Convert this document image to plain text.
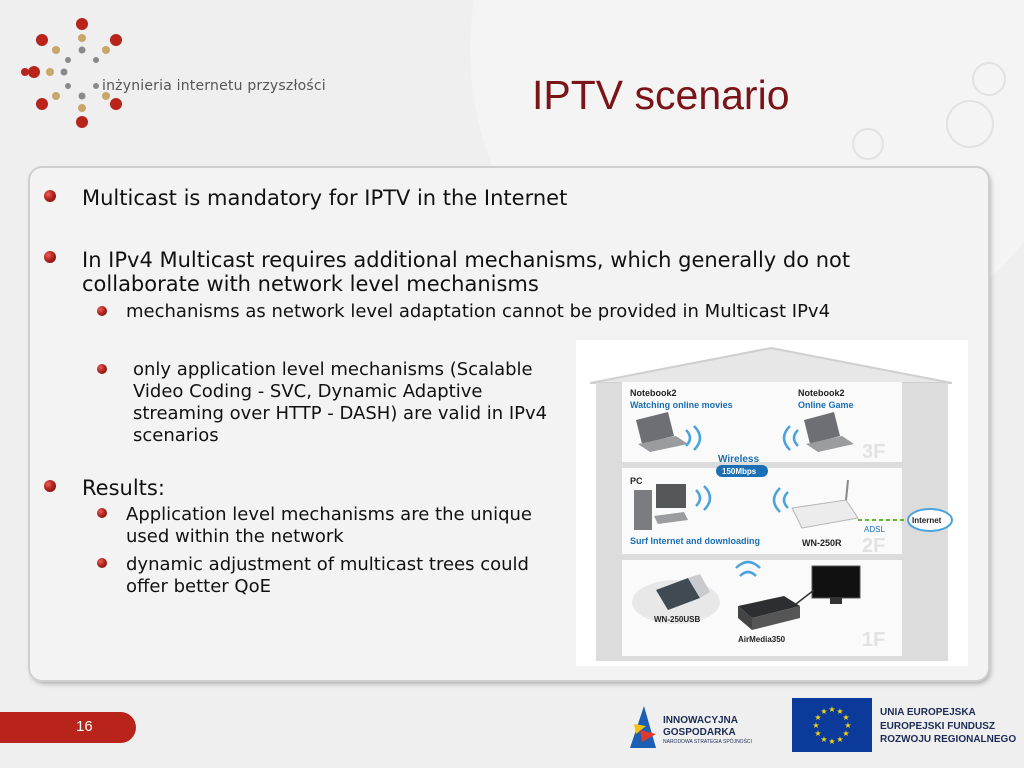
inżynieria internetu przyszłości	IPTV scenario
Multicast is mandatory for IPTV in the Internet
In IPv4 Multicast requires additional mechanisms, which generally do not collaborate with network level mechanisms
mechanisms as network level adaptation cannot be provided in Multicast IPv4
only application level mechanisms (Scalable Video Coding - SVC, Dynamic Adaptive streaming over HTTP - DASH) are valid in IPv4 scenarios
Results:
Application level mechanisms are the unique used within the network
dynamic adjustment of multicast trees could offer better QoE
Notebook2
Watching online movies
Notebook2
Online Game
Wireless
150Mbps
3F
PC
Surf Internet and downloading	WN-250R
ADSL
Internet
2F
WN-250USB
AirMedia350	1F
16	INNOWACYJNA
GOSPODARKA
NARODOWA STRATEGIA SPÓJNOŚCI
★ ★
★
★
★
★
★
★
★
★
★
★	UNIA EUROPEJSKA
EUROPEJSKI FUNDUSZ
ROZWOJU REGIONALNEGO
